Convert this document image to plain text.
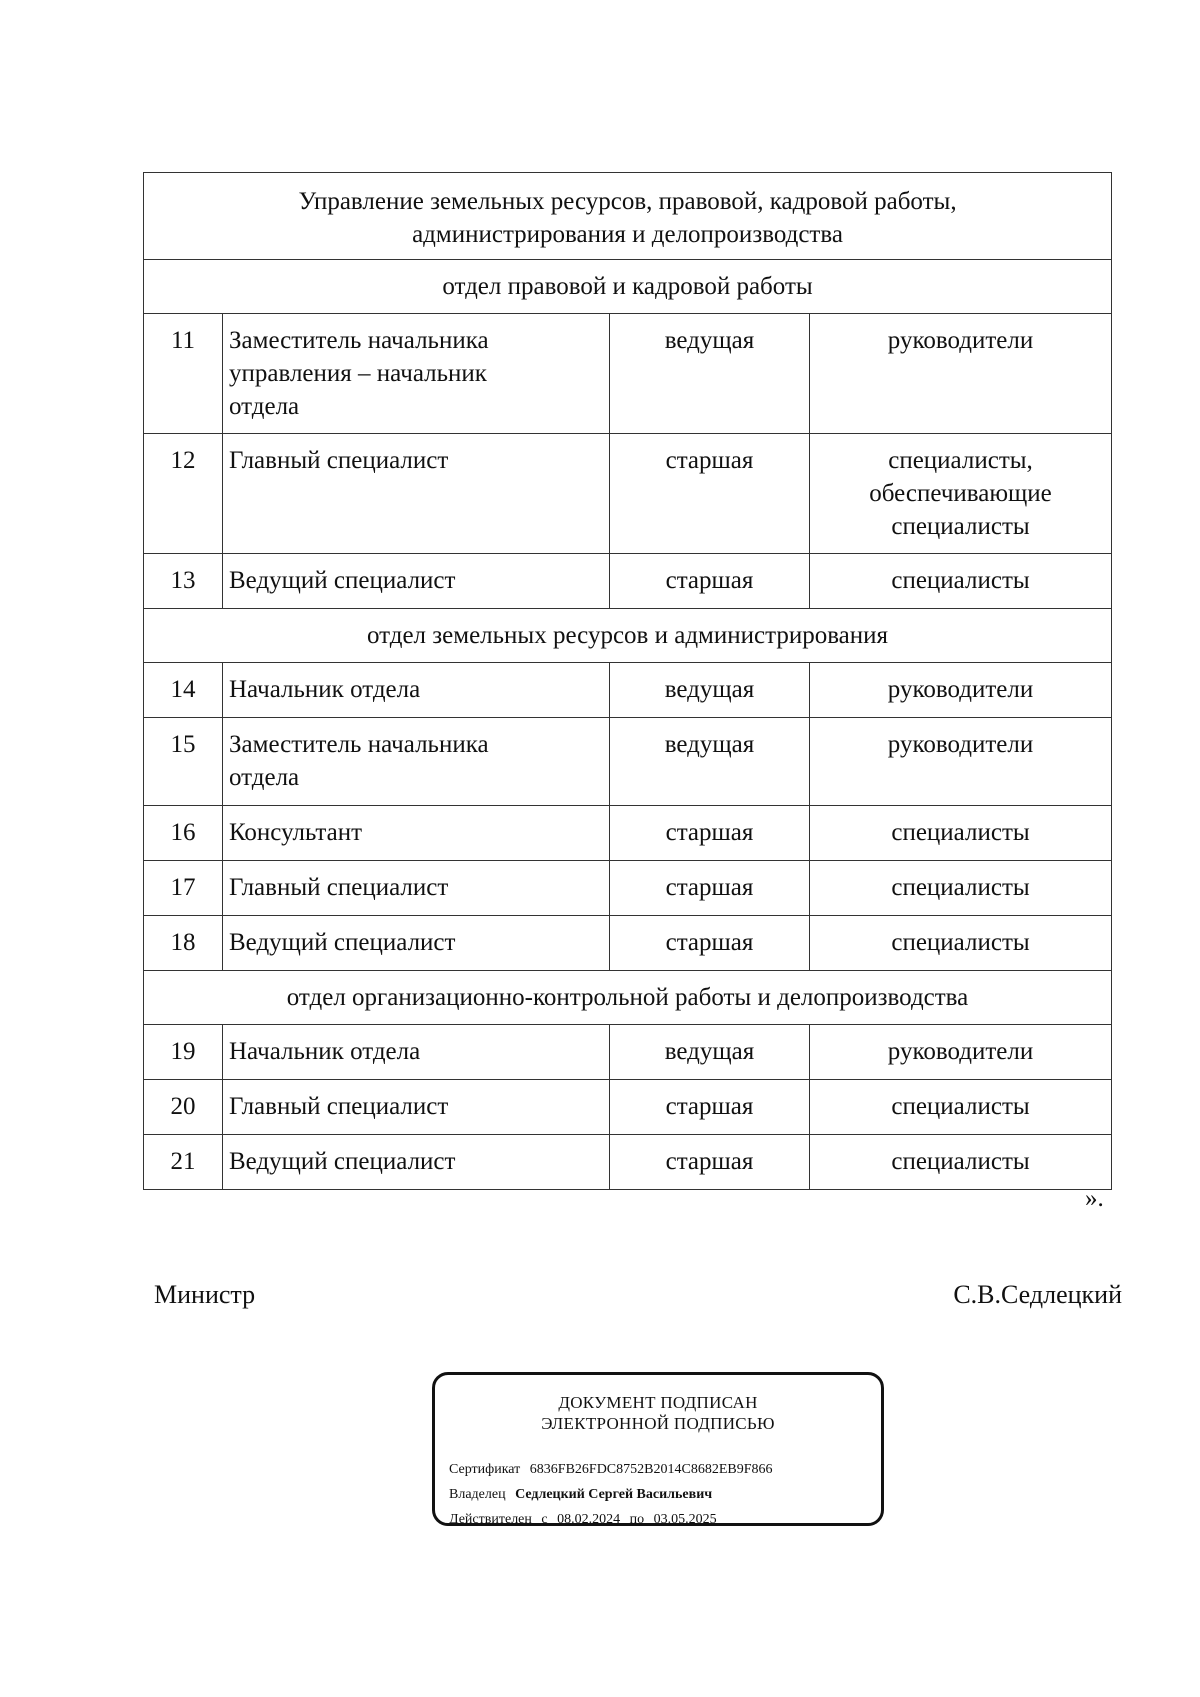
Управление земельных ресурсов, правовой, кадровой работы,
администрирования и делопроизводства			

отдел правовой и кадровой работы			

11	Заместитель начальника
управления – начальник
отдела	ведущая	руководители

12	Главный специалист	старшая	специалисты,
обеспечивающие
специалисты

13	Ведущий специалист	старшая	специалисты

отдел земельных ресурсов и администрирования			

14	Начальник отдела	ведущая	руководители

15	Заместитель начальника
отдела	ведущая	руководители

16	Консультант	старшая	специалисты

17	Главный специалист	старшая	специалисты

18	Ведущий специалист	старшая	специалисты

отдел организационно-контрольной работы и делопроизводства			

19	Начальник отдела	ведущая	руководители

20	Главный специалист	старшая	специалисты

21	Ведущий специалист	старшая	специалисты
».
Министр	С.В.Седлецкий
ДОКУМЕНТ ПОДПИСАН
ЭЛЕКТРОННОЙ ПОДПИСЬЮ
Сертификат 6836FB26FDC8752B2014C8682EB9F866
Владелец Седлецкий Сергей Васильевич
Действителен с 08.02.2024 по 03.05.2025
